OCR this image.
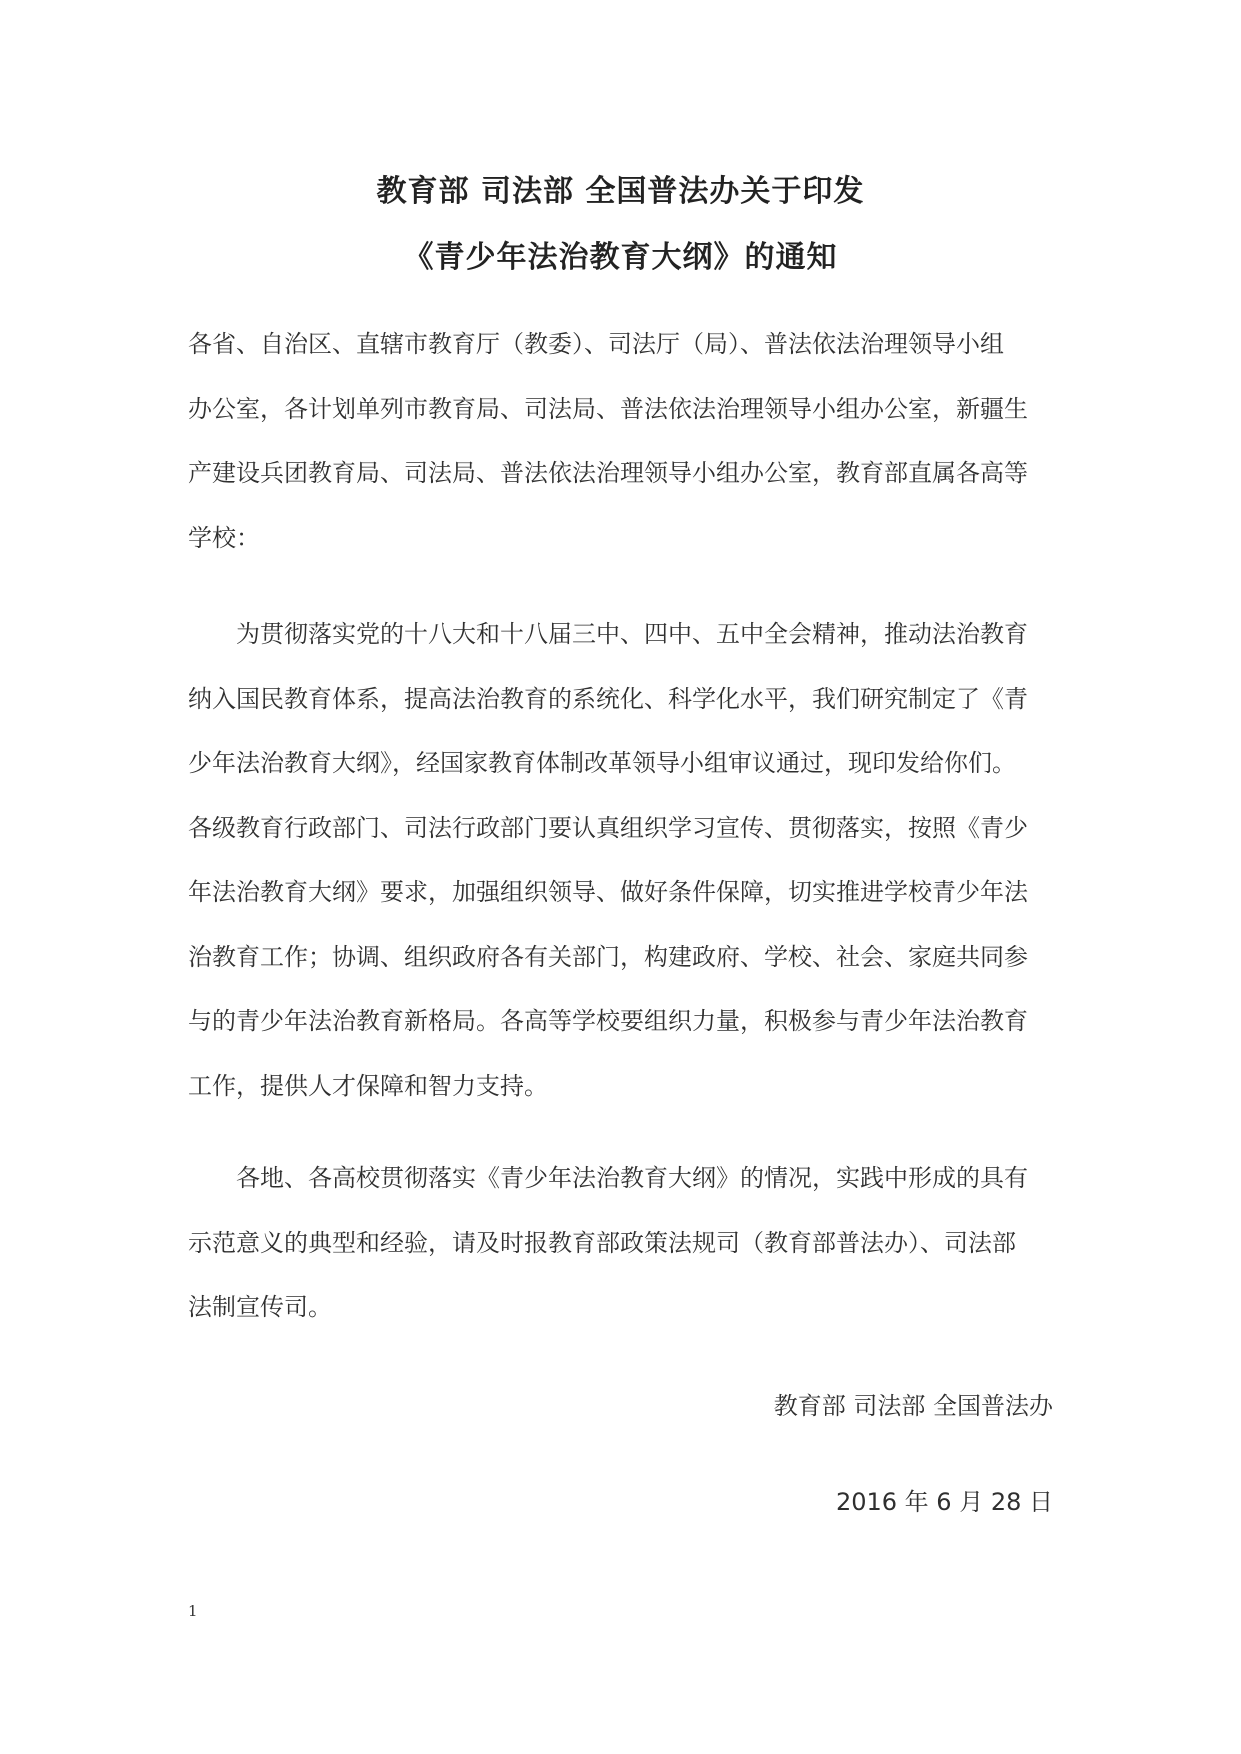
教育部 司法部 全国普法办关于印发
《青少年法治教育大纲》的通知
各省、自治区、直辖市教育厅（教委）、司法厅（局）、普法依法治理领导小组
办公室，各计划单列市教育局、司法局、普法依法治理领导小组办公室，新疆生
产建设兵团教育局、司法局、普法依法治理领导小组办公室，教育部直属各高等
学校：
为贯彻落实党的十八大和十八届三中、四中、五中全会精神，推动法治教育
纳入国民教育体系，提高法治教育的系统化、科学化水平，我们研究制定了《青
少年法治教育大纲》，经国家教育体制改革领导小组审议通过，现印发给你们。
各级教育行政部门、司法行政部门要认真组织学习宣传、贯彻落实，按照《青少
年法治教育大纲》要求，加强组织领导、做好条件保障，切实推进学校青少年法
治教育工作；协调、组织政府各有关部门，构建政府、学校、社会、家庭共同参
与的青少年法治教育新格局。各高等学校要组织力量，积极参与青少年法治教育
工作，提供人才保障和智力支持。
各地、各高校贯彻落实《青少年法治教育大纲》的情况，实践中形成的具有
示范意义的典型和经验，请及时报教育部政策法规司（教育部普法办）、司法部
法制宣传司。
教育部 司法部 全国普法办
2016 年 6 月 28 日
1
